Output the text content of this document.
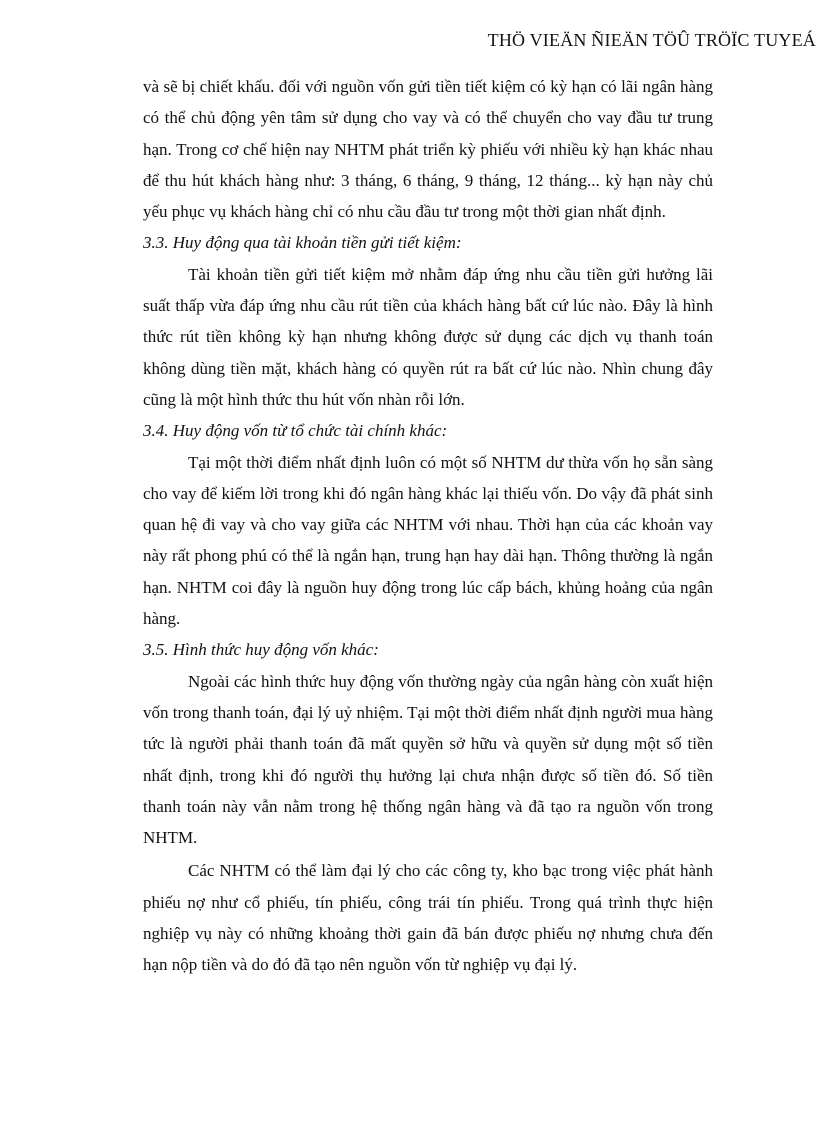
THÖ VIEÄN ÑIEÄN TÖÛ TRÖÏC TUYEÁ

và sẽ bị chiết khấu. đối với nguồn vốn gửi tiền tiết kiệm có kỳ hạn có lãi ngân hàng có thể chủ động yên tâm sử dụng cho vay và có thể chuyển cho vay đầu tư trung hạn. Trong cơ chế hiện nay NHTM phát triển kỳ phiếu với nhiều kỳ hạn khác nhau để thu hút khách hàng như: 3 tháng, 6 tháng, 9 tháng, 12 tháng... kỳ hạn này chủ yếu phục vụ khách hàng chỉ có nhu cầu đầu tư trong một thời gian nhất định.

3.3. Huy động qua tài khoản tiền gửi tiết kiệm:

Tài khoản tiền gửi tiết kiệm mở nhằm đáp ứng nhu cầu tiền gửi hưởng lãi suất thấp vừa đáp ứng nhu cầu rút tiền của khách hàng bất cứ lúc nào. Đây là hình thức rút tiền không kỳ hạn nhưng không được sử dụng các dịch vụ thanh toán không dùng tiền mặt, khách hàng có quyền rút ra bất cứ lúc nào. Nhìn chung đây cũng là một hình thức thu hút vốn nhàn rỗi lớn.

3.4. Huy động vốn từ tổ chức tài chính khác:

Tại một thời điểm nhất định luôn có một số NHTM dư thừa vốn họ sẵn sàng cho vay để kiếm lời trong khi đó ngân hàng khác lại thiếu vốn. Do vậy đã phát sinh quan hệ đi vay và cho vay giữa các NHTM với nhau. Thời hạn của các khoản vay này rất phong phú có thể là ngắn hạn, trung hạn hay dài hạn. Thông thường là ngắn hạn. NHTM coi đây là nguồn huy động trong lúc cấp bách, khủng hoảng của ngân hàng.

3.5. Hình thức huy động vốn khác:

Ngoài các hình thức huy động vốn thường ngày của ngân hàng còn xuất hiện vốn trong thanh toán, đại lý uỷ nhiệm. Tại một thời điểm nhất định người mua hàng tức là người phải thanh toán đã mất quyền sở hữu và quyền sử dụng một số tiền nhất định, trong khi đó người thụ hưởng lại chưa nhận được số tiền đó. Số tiền thanh toán này vẫn nằm trong hệ thống ngân hàng và đã tạo ra nguồn vốn trong NHTM.

Các NHTM có thể làm đại lý cho các công ty, kho bạc trong việc phát hành phiếu nợ như cổ phiếu, tín phiếu, công trái tín phiếu. Trong quá trình thực hiện nghiệp vụ này có những khoảng thời gain đã bán được phiếu nợ nhưng chưa đến hạn nộp tiền và do đó đã tạo nên nguồn vốn từ nghiệp vụ đại lý.
